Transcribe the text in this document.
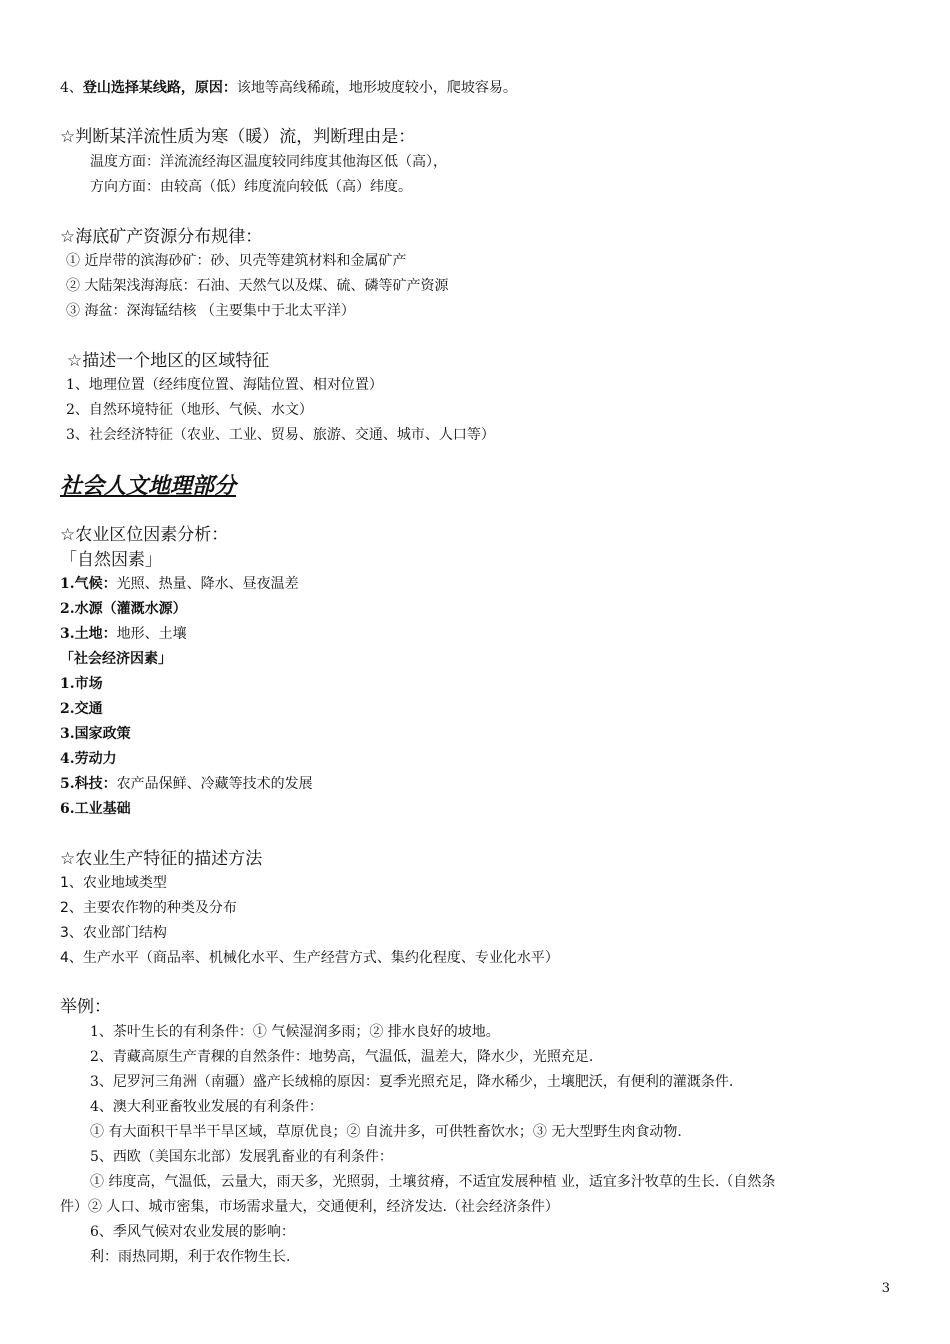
4、登山选择某线路，原因：该地等高线稀疏，地形坡度较小，爬坡容易。
☆判断某洋流性质为寒（暖）流，判断理由是：
温度方面：洋流流经海区温度较同纬度其他海区低（高），
方向方面：由较高（低）纬度流向较低（高）纬度。
☆海底矿产资源分布规律：
① 近岸带的滨海砂矿：砂、贝壳等建筑材料和金属矿产
② 大陆架浅海海底：石油、天然气以及煤、硫、磷等矿产资源
③ 海盆：深海锰结核 （主要集中于北太平洋）
☆描述一个地区的区域特征
1、地理位置（经纬度位置、海陆位置、相对位置）
2、自然环境特征（地形、气候、水文）
3、社会经济特征（农业、工业、贸易、旅游、交通、城市、人口等）
社会人文地理部分
☆农业区位因素分析：
「自然因素」
1.气候：光照、热量、降水、昼夜温差
2.水源（灌溉水源）
3.土地：地形、土壤
「社会经济因素」
1.市场
2.交通
3.国家政策
4.劳动力
5.科技：农产品保鲜、冷藏等技术的发展
6.工业基础
☆农业生产特征的描述方法
1、农业地域类型
2、主要农作物的种类及分布
3、农业部门结构
4、生产水平（商品率、机械化水平、生产经营方式、集约化程度、专业化水平）
举例：
1、茶叶生长的有利条件：① 气候湿润多雨；② 排水良好的坡地。
2、青藏高原生产青稞的自然条件：地势高，气温低，温差大，降水少，光照充足.
3、尼罗河三角洲（南疆）盛产长绒棉的原因：夏季光照充足，降水稀少，土壤肥沃，有便利的灌溉条件.
4、澳大利亚畜牧业发展的有利条件：
① 有大面积干旱半干旱区域，草原优良；② 自流井多，可供牲畜饮水；③ 无大型野生肉食动物.
5、西欧（美国东北部）发展乳畜业的有利条件：
① 纬度高，气温低，云量大，雨天多，光照弱，土壤贫瘠，不适宜发展种植 业，适宜多汁牧草的生长.（自然条
件）② 人口、城市密集，市场需求量大，交通便利，经济发达.（社会经济条件）
6、季风气候对农业发展的影响：
利：雨热同期，利于农作物生长.
3
